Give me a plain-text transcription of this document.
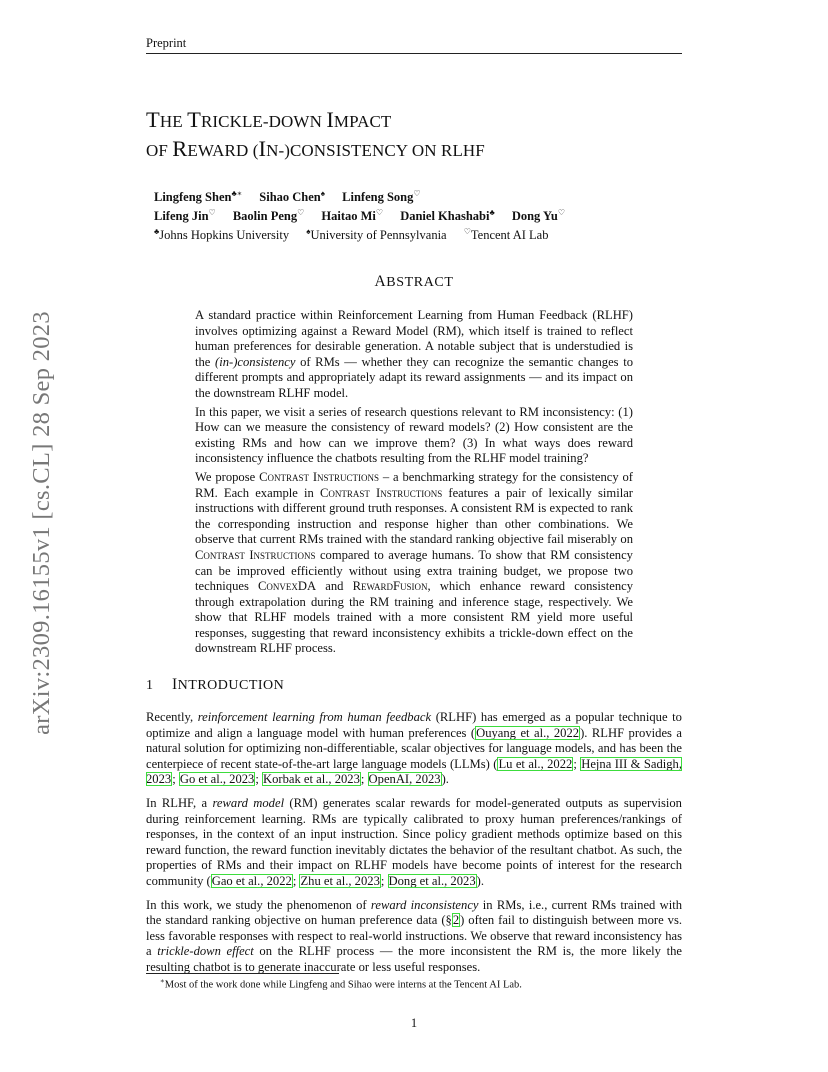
Preprint
THE TRICKLE-DOWN IMPACT
OF REWARD (IN-)CONSISTENCY ON RLHF
Lingfeng Shen♣∗ Sihao Chen♠ Linfeng Song♡
Lifeng Jin♡ Baolin Peng♡ Haitao Mi♡ Daniel Khashabi♣ Dong Yu♡
♣Johns Hopkins University ♠University of Pennsylvania ♡Tencent AI Lab
arXiv:2309.16155v1 [cs.CL] 28 Sep 2023
ABSTRACT

A standard practice within Reinforcement Learning from Human Feedback (RLHF) involves optimizing against a Reward Model (RM), which itself is trained to reflect human preferences for desirable generation. A notable subject that is understudied is the (in-)consistency of RMs — whether they can recognize the semantic changes to different prompts and appropriately adapt its reward assignments — and its impact on the downstream RLHF model.

In this paper, we visit a series of research questions relevant to RM inconsistency: (1) How can we measure the consistency of reward models? (2) How consistent are the existing RMs and how can we improve them? (3) In what ways does reward inconsistency influence the chatbots resulting from the RLHF model training?

We propose Contrast Instructions – a benchmarking strategy for the consistency of RM. Each example in Contrast Instructions features a pair of lexically similar instructions with different ground truth responses. A consistent RM is expected to rank the corresponding instruction and response higher than other combinations. We observe that current RMs trained with the standard ranking objective fail miserably on Contrast Instructions compared to average humans. To show that RM consistency can be improved efficiently without using extra training budget, we propose two techniques ConvexDA and RewardFusion, which enhance reward consistency through extrapolation during the RM training and inference stage, respectively. We show that RLHF models trained with a more consistent RM yield more useful responses, suggesting that reward inconsistency exhibits a trickle-down effect on the downstream RLHF process.

1 INTRODUCTION

Recently, reinforcement learning from human feedback (RLHF) has emerged as a popular technique to optimize and align a language model with human preferences (Ouyang et al., 2022). RLHF provides a natural solution for optimizing non-differentiable, scalar objectives for language models, and has been the centerpiece of recent state-of-the-art large language models (LLMs) (Lu et al., 2022; Hejna III & Sadigh, 2023; Go et al., 2023; Korbak et al., 2023; OpenAI, 2023).

In RLHF, a reward model (RM) generates scalar rewards for model-generated outputs as supervision during reinforcement learning. RMs are typically calibrated to proxy human preferences/rankings of responses, in the context of an input instruction. Since policy gradient methods optimize based on this reward function, the reward function inevitably dictates the behavior of the resultant chatbot. As such, the properties of RMs and their impact on RLHF models have become points of interest for the research community (Gao et al., 2022; Zhu et al., 2023; Dong et al., 2023).

In this work, we study the phenomenon of reward inconsistency in RMs, i.e., current RMs trained with the standard ranking objective on human preference data (§2) often fail to distinguish between more vs. less favorable responses with respect to real-world instructions. We observe that reward inconsistency has a trickle-down effect on the RLHF process — the more inconsistent the RM is, the more likely the resulting chatbot is to generate inaccurate or less useful responses.

∗Most of the work done while Lingfeng and Sihao were interns at the Tencent AI Lab.
1
